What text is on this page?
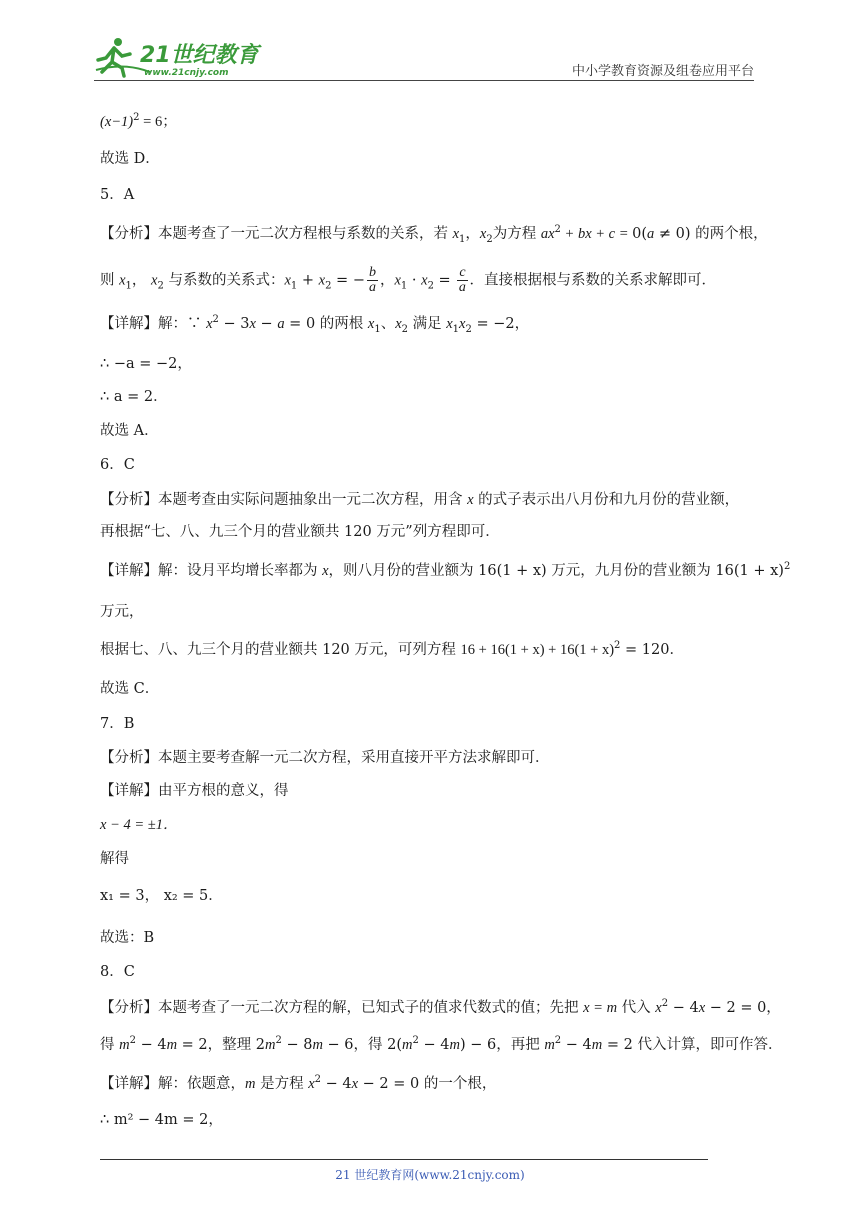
21世纪教育
www.21cnjy.com	中小学教育资源及组卷应用平台
$(x-1)^2 = 6$；
故选 D．
5．A
【分析】本题考查了一元二次方程根与系数的关系，若 $x_1$，$x_2$为方程 $ax^2$ + bx + c = 0(a ≠ 0) 的两个根，
则 $x_1$， $x_2$ 与系数的关系式：$x_1 + x_2$ = − $\frac{b}{a}$ ，$x_1 \cdot x_2 = \frac{c}{a}$ ．直接根据根与系数的关系求解即可．
【详解】解：∵ $x^2 - 3x - a = 0$ 的两根 $x_1$、$x_2$ 满足 $x_1x_2 = -2$，
∴ −a = −2，
∴ a = 2．
故选 A．
6．C
【分析】本题考查由实际问题抽象出一元二次方程，用含 x 的式子表示出八月份和九月份的营业额，
再根据“七、八、九三个月的营业额共 120 万元”列方程即可．
【详解】解：设月平均增长率都为 x，则八月份的营业额为 16(1 + x) 万元，九月份的营业额为 $16(1 + x)^2$
万元，
根据七、八、九三个月的营业额共 120 万元，可列方程 $16 + 16(1 + x) + 16(1 + x)^2 = 120$．
故选 C．
7．B
【分析】本题主要考查解一元二次方程，采用直接开平方法求解即可．
【详解】由平方根的意义，得
x − 4 = ±1．
解得
x₁ = 3， x₂ = 5．
故选：B
8．C
【分析】本题考查了一元二次方程的解，已知式子的值求代数式的值；先把 x = m 代入 $x^2 - 4x - 2 = 0$，
得 $m^2 - 4m = 2$，整理 $2m^2 - 8m - 6$，得 $2(m^2 - 4m) - 6$，再把 $m^2 - 4m = 2$ 代入计算，即可作答．
【详解】解：依题意，m 是方程 $x^2 - 4x - 2 = 0$ 的一个根，
∴ m² − 4m = 2，
21 世纪教育网(www.21cnjy.com)
